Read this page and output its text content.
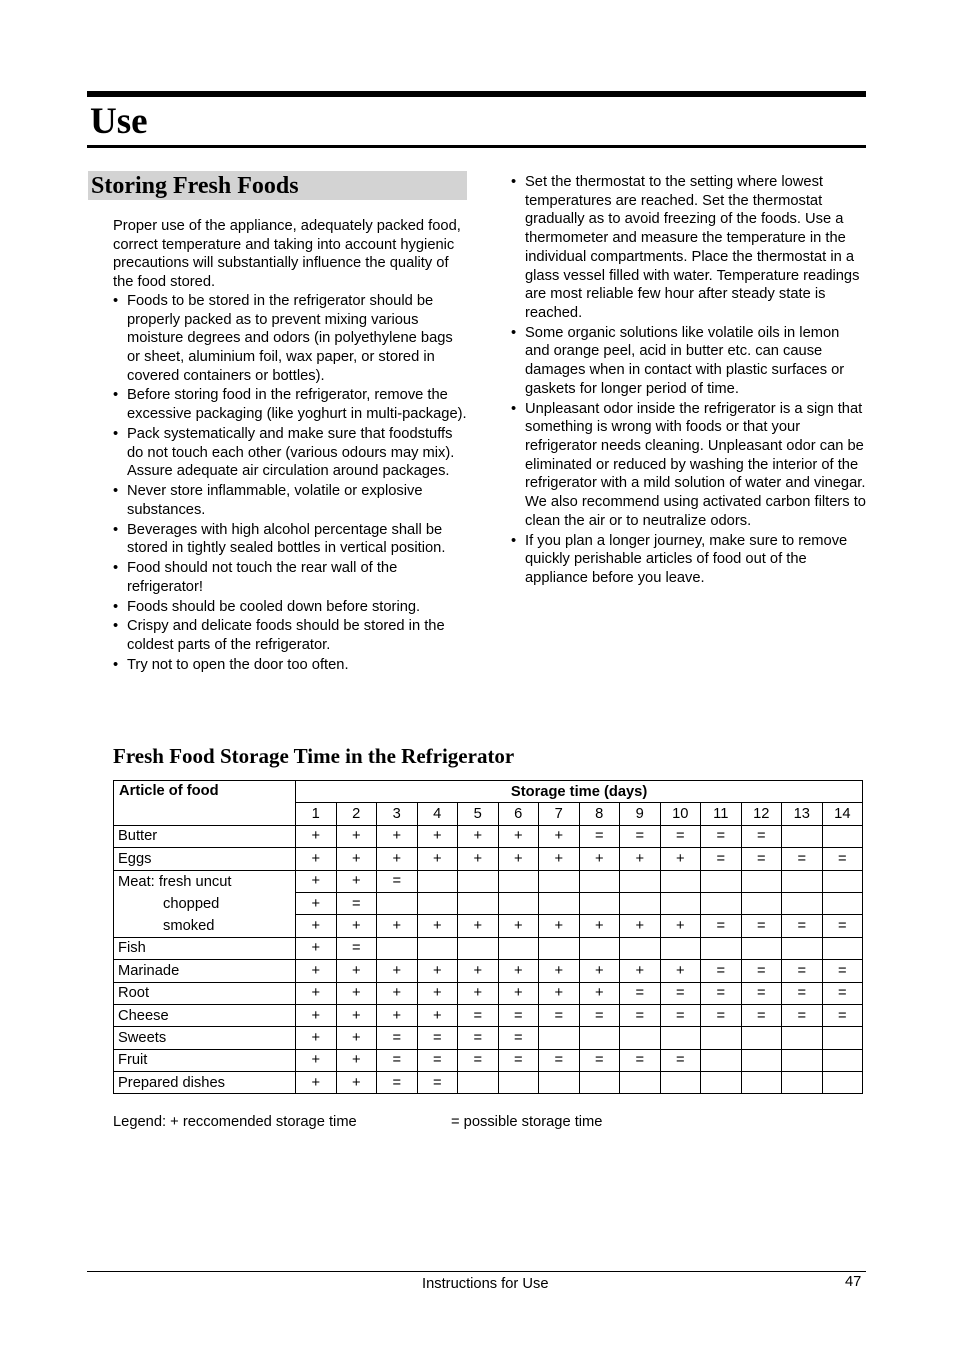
Use
Storing Fresh Foods

Proper use of the appliance, adequately packed food, correct temperature and taking into account hygienic precautions will substantially influence the quality of the food stored.

• Foods to be stored in the refrigerator should be properly packed as to prevent mixing various moisture degrees and odors (in polyethylene bags or sheet, aluminium foil, wax paper, or stored in covered containers or bottles).
• Before storing food in the refrigerator, remove the excessive packaging (like yoghurt in multi-package).
• Pack systematically and make sure that foodstuffs do not touch each other (various odours may mix). Assure adequate air circulation around packages.
• Never store inflammable, volatile or explosive substances.
• Beverages with high alcohol percentage shall be stored in tightly sealed bottles in vertical position.
• Food should not touch the rear wall of the refrigerator!
• Foods should be cooled down before storing.
• Crispy and delicate foods should be stored in the coldest parts of the refrigerator.
• Try not to open the door too often.
• Set the thermostat to the setting where lowest temperatures are reached. Set the thermostat gradually as to avoid freezing of the foods. Use a thermometer and measure the temperature in the individual compartments. Place the thermostat in a glass vessel filled with water. Temperature readings are most reliable few hour after steady state is reached.
• Some organic solutions like volatile oils in lemon and orange peel, acid in butter etc. can cause damages when in contact with plastic surfaces or gaskets for longer period of time.
• Unpleasant odor inside the refrigerator is a sign that something is wrong with foods or that your refrigerator needs cleaning. Unpleasant odor can be eliminated or reduced by washing the interior of the refrigerator with a mild solution of water and vinegar. We also recommend using activated carbon filters to clean the air or to neutralize odors.
• If you plan a longer journey, make sure to remove quickly perishable articles of food out of the appliance before you leave.
Fresh Food Storage Time in the Refrigerator
Article of food	Storage time (days)													
	1	2	3	4	5	6	7	8	9	10	11	12	13	14
Butter	+	+	+	+	+	+	+	=	=	=	=	=		
Eggs	+	+	+	+	+	+	+	+	+	+	=	=	=	=
Meat: fresh uncut	+	+	=											
chopped	+	=												
smoked	+	+	+	+	+	+	+	+	+	+	=	=	=	=
Fish	+	=												
Marinade	+	+	+	+	+	+	+	+	+	+	=	=	=	=
Root	+	+	+	+	+	+	+	+	=	=	=	=	=	=
Cheese	+	+	+	+	=	=	=	=	=	=	=	=	=	=
Sweets	+	+	=	=	=	=								
Fruit	+	+	=	=	=	=	=	=	=	=				
Prepared dishes	+	+	=	=										
Legend: + reccomended storage time	= possible storage time
Instructions for Use	47
